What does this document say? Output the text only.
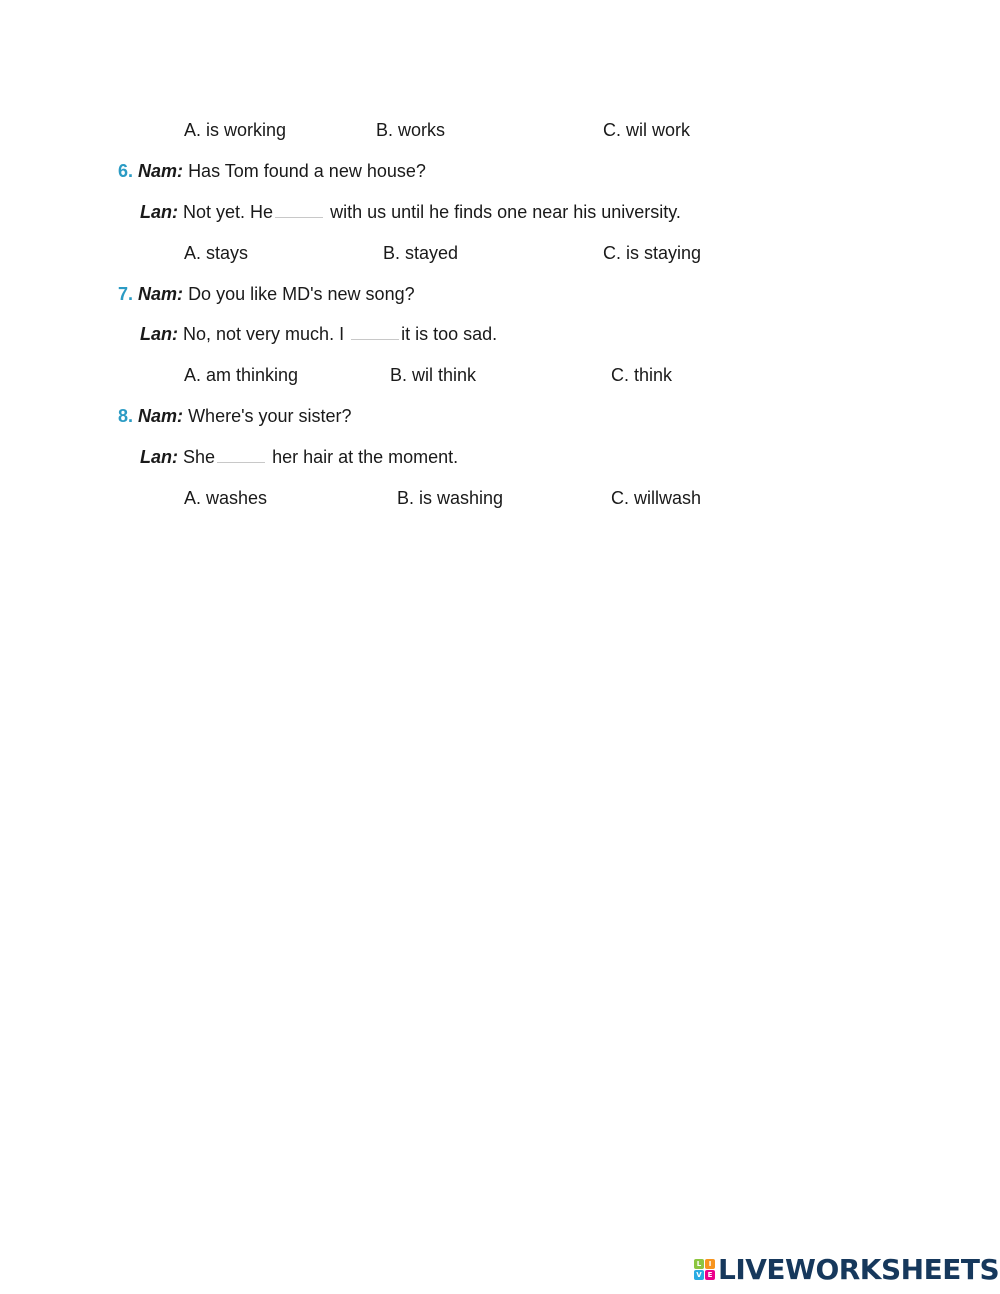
A. is working	B. works	C. wil work
6. Nam: Has Tom found a new house?
Lan: Not yet. He	with us until he finds one near his university.
A. stays	B. stayed	C. is staying
7. Nam: Do you like MD's new song?
Lan: No, not very much. I	it is too sad.
A. am thinking	B. wil think	C. think
8. Nam: Where's your sister?
Lan: She	her hair at the moment.
A. washes	B. is washing	C. willwash
L	I
V E LIVEWORKSHEETS
